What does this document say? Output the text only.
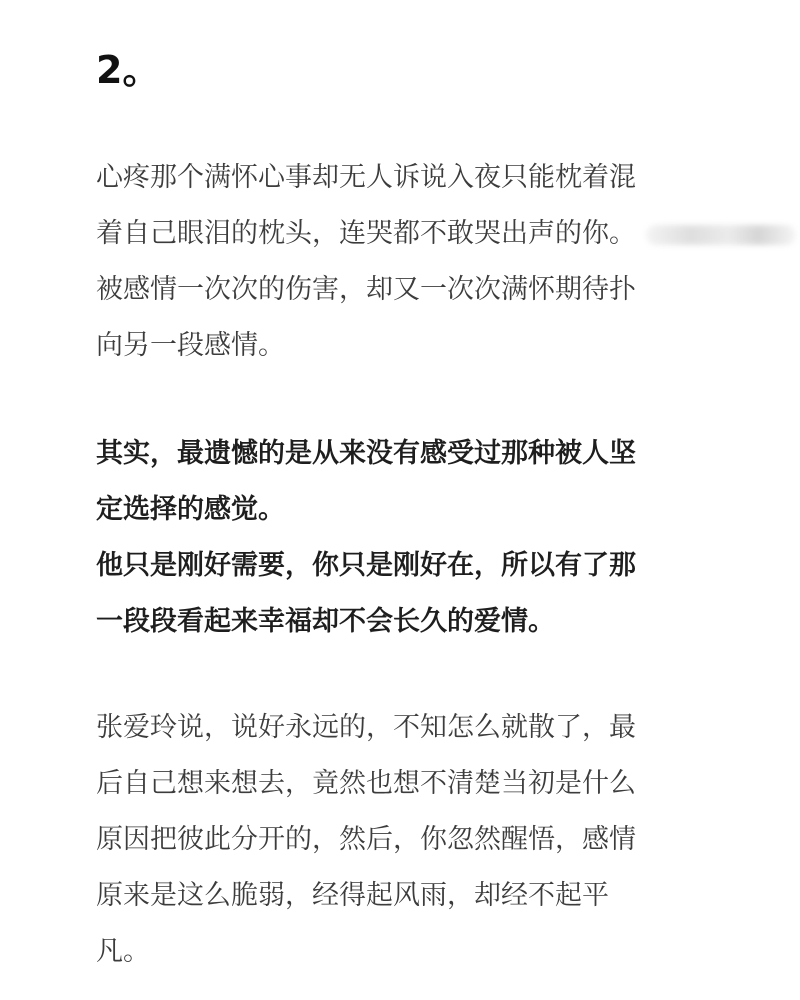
2。
心疼那个满怀心事却无人诉说入夜只能枕着混
着自己眼泪的枕头，连哭都不敢哭出声的你。
被感情一次次的伤害，却又一次次满怀期待扑
向另一段感情。
其实，最遗憾的是从来没有感受过那种被人坚
定选择的感觉。
他只是刚好需要，你只是刚好在，所以有了那
一段段看起来幸福却不会长久的爱情。
张爱玲说，说好永远的，不知怎么就散了，最
后自己想来想去，竟然也想不清楚当初是什么
原因把彼此分开的，然后，你忽然醒悟，感情
原来是这么脆弱，经得起风雨，却经不起平
凡。
